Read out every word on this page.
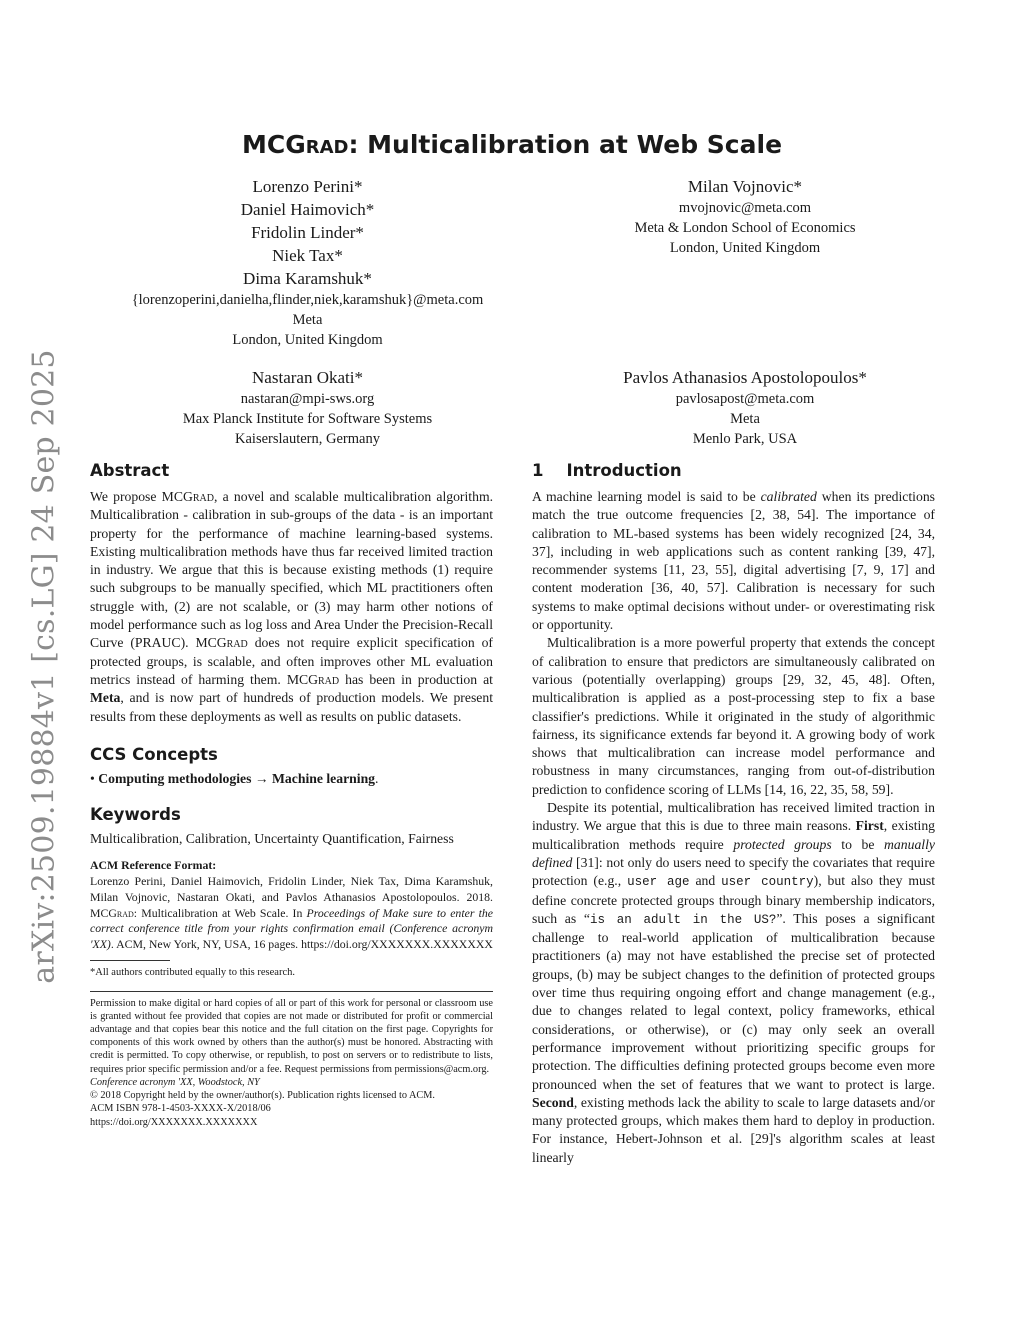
arXiv:2509.19884v1 [cs.LG] 24 Sep 2025
MCGrad: Multicalibration at Web Scale
Lorenzo Perini*
Daniel Haimovich*
Fridolin Linder*
Niek Tax*
Dima Karamshuk*
{lorenzoperini,danielha,flinder,niek,karamshuk}@meta.com
Meta
London, United Kingdom
Milan Vojnovic*
mvojnovic@meta.com
Meta & London School of Economics
London, United Kingdom
Nastaran Okati*
nastaran@mpi-sws.org
Max Planck Institute for Software Systems
Kaiserslautern, Germany
Pavlos Athanasios Apostolopoulos*
pavlosapost@meta.com
Meta
Menlo Park, USA
Abstract

We propose MCGrad, a novel and scalable multicalibration algorithm. Multicalibration - calibration in sub-groups of the data - is an important property for the performance of machine learning-based systems. Existing multicalibration methods have thus far received limited traction in industry. We argue that this is because existing methods (1) require such subgroups to be manually specified, which ML practitioners often struggle with, (2) are not scalable, or (3) may harm other notions of model performance such as log loss and Area Under the Precision-Recall Curve (PRAUC). MCGrad does not require explicit specification of protected groups, is scalable, and often improves other ML evaluation metrics instead of harming them. MCGrad has been in production at Meta, and is now part of hundreds of production models. We present results from these deployments as well as results on public datasets.

CCS Concepts

• Computing methodologies → Machine learning.

Keywords

Multicalibration, Calibration, Uncertainty Quantification, Fairness

ACM Reference Format:

Lorenzo Perini, Daniel Haimovich, Fridolin Linder, Niek Tax, Dima Karamshuk, Milan Vojnovic, Nastaran Okati, and Pavlos Athanasios Apostolopoulos. 2018. MCGrad: Multicalibration at Web Scale. In Proceedings of Make sure to enter the correct conference title from your rights confirmation email (Conference acronym 'XX). ACM, New York, NY, USA, 16 pages. https://doi.org/XXXXXXX.XXXXXXX

*All authors contributed equally to this research.
Permission to make digital or hard copies of all or part of this work for personal or classroom use is granted without fee provided that copies are not made or distributed for profit or commercial advantage and that copies bear this notice and the full citation on the first page. Copyrights for components of this work owned by others than the author(s) must be honored. Abstracting with credit is permitted. To copy otherwise, or republish, to post on servers or to redistribute to lists, requires prior specific permission and/or a fee. Request permissions from permissions@acm.org.
Conference acronym 'XX, Woodstock, NY
© 2018 Copyright held by the owner/author(s). Publication rights licensed to ACM.
ACM ISBN 978-1-4503-XXXX-X/2018/06
https://doi.org/XXXXXXX.XXXXXXX
1    Introduction

A machine learning model is said to be calibrated when its predictions match the true outcome frequencies [2, 38, 54]. The importance of calibration to ML-based systems has been widely recognized [24, 34, 37], including in web applications such as content ranking [39, 47], recommender systems [11, 23, 55], digital advertising [7, 9, 17] and content moderation [36, 40, 57]. Calibration is necessary for such systems to make optimal decisions without under- or overestimating risk or opportunity.

Multicalibration is a more powerful property that extends the concept of calibration to ensure that predictors are simultaneously calibrated on various (potentially overlapping) groups [29, 32, 45, 48]. Often, multicalibration is applied as a post-processing step to fix a base classifier's predictions. While it originated in the study of algorithmic fairness, its significance extends far beyond it. A growing body of work shows that multicalibration can increase model performance and robustness in many circumstances, ranging from out-of-distribution prediction to confidence scoring of LLMs [14, 16, 22, 35, 58, 59].

Despite its potential, multicalibration has received limited traction in industry. We argue that this is due to three main reasons. First, existing multicalibration methods require protected groups to be manually defined [31]: not only do users need to specify the covariates that require protection (e.g., user age and user country), but also they must define concrete protected groups through binary membership indicators, such as “is an adult in the US?”. This poses a significant challenge to real-world application of multicalibration because practitioners (a) may not have established the precise set of protected groups, (b) may be subject changes to the definition of protected groups over time thus requiring ongoing effort and change management (e.g., due to changes related to legal context, policy frameworks, ethical considerations, or otherwise), or (c) may only seek an overall performance improvement without prioritizing specific groups for protection. The difficulties defining protected groups become even more pronounced when the set of features that we want to protect is large. Second, existing methods lack the ability to scale to large datasets and/or many protected groups, which makes them hard to deploy in production. For instance, Hebert-Johnson et al. [29]'s algorithm scales at least linearly
